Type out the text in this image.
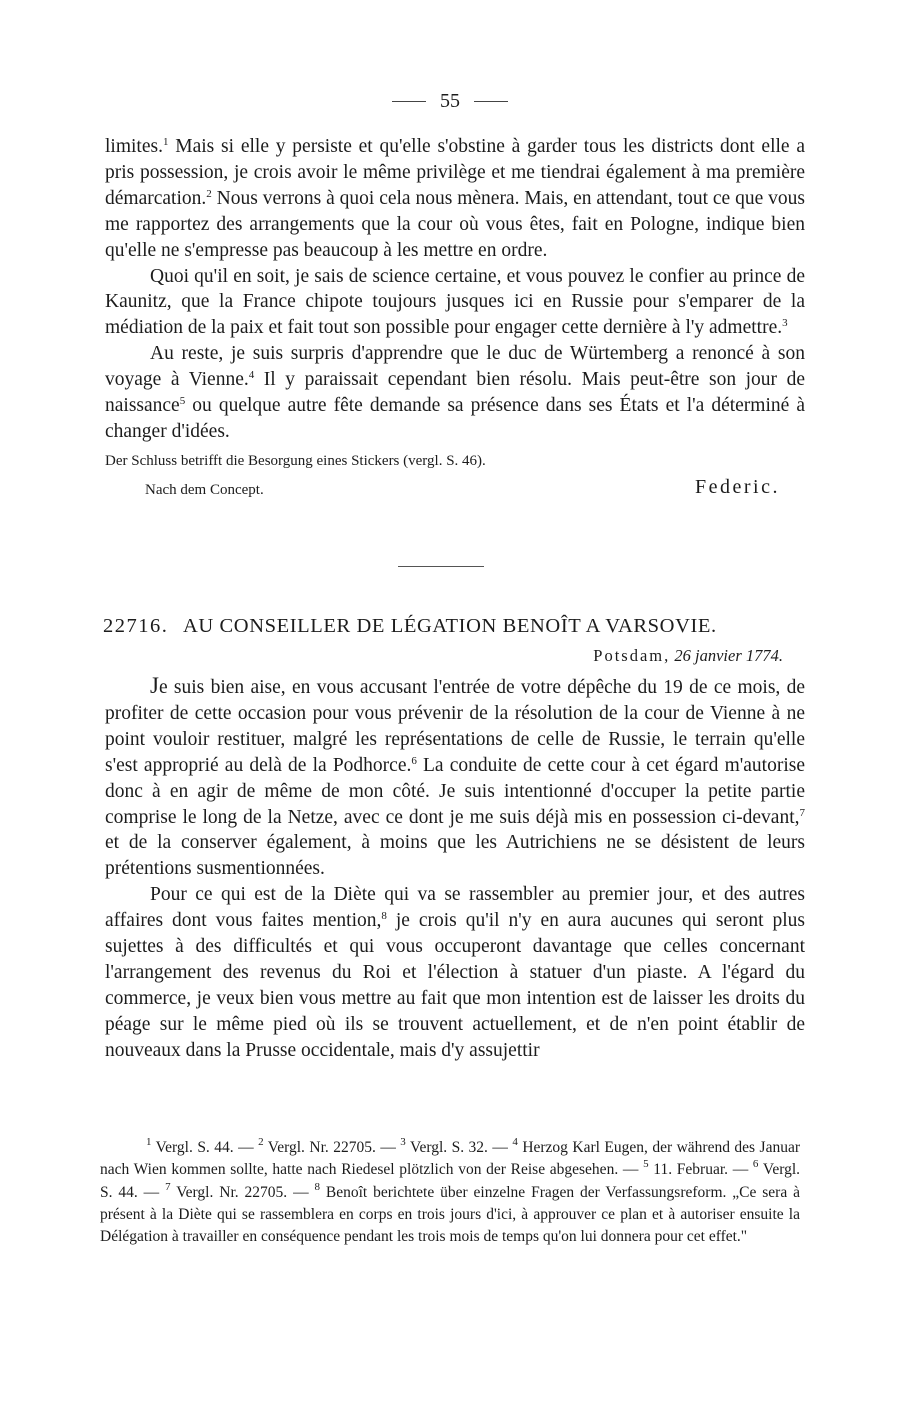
55

limites.$^1$ Mais si elle y persiste et qu'elle s'obstine à garder tous les districts dont elle a pris possession, je crois avoir le même privilège et me tiendrai également à ma première démarcation.$^2$ Nous verrons à quoi cela nous mènera. Mais, en attendant, tout ce que vous me rapportez des arrangements que la cour où vous êtes, fait en Pologne, indique bien qu'elle ne s'empresse pas beaucoup à les mettre en ordre.

Quoi qu'il en soit, je sais de science certaine, et vous pouvez le confier au prince de Kaunitz, que la France chipote toujours jusques ici en Russie pour s'emparer de la médiation de la paix et fait tout son possible pour engager cette dernière à l'y admettre.$^3$

Au reste, je suis surpris d'apprendre que le duc de Würtemberg a renoncé à son voyage à Vienne.$^4$ Il y paraissait cependant bien résolu. Mais peut-être son jour de naissance$^5$ ou quelque autre fête demande sa présence dans ses États et l'a déterminé à changer d'idées.

Der Schluss betrifft die Besorgung eines Stickers (vergl. S. 46).

Nach dem Concept.	Federic.
22716. AU CONSEILLER DE LÉGATION BENOÎT A VARSOVIE.
Potsdam, 26 janvier 1774.

Je suis bien aise, en vous accusant l'entrée de votre dépêche du 19 de ce mois, de profiter de cette occasion pour vous prévenir de la résolution de la cour de Vienne à ne point vouloir restituer, malgré les représentations de celle de Russie, le terrain qu'elle s'est approprié au delà de la Podhorce.$^6$ La conduite de cette cour à cet égard m'autorise donc à en agir de même de mon côté. Je suis intentionné d'occuper la petite partie comprise le long de la Netze, avec ce dont je me suis déjà mis en possession ci-devant,$^7$ et de la conserver également, à moins que les Autrichiens ne se désistent de leurs prétentions susmentionnées.

Pour ce qui est de la Diète qui va se rassembler au premier jour, et des autres affaires dont vous faites mention,$^8$ je crois qu'il n'y en aura aucunes qui seront plus sujettes à des difficultés et qui vous occuperont davantage que celles concernant l'arrangement des revenus du Roi et l'élection à statuer d'un piaste. A l'égard du commerce, je veux bien vous mettre au fait que mon intention est de laisser les droits du péage sur le même pied où ils se trouvent actuellement, et de n'en point établir de nouveaux dans la Prusse occidentale, mais d'y assujettir

$^1$ Vergl. S. 44. — $^2$ Vergl. Nr. 22705. — $^3$ Vergl. S. 32. — $^4$ Herzog Karl Eugen, der während des Januar nach Wien kommen sollte, hatte nach Riedesel plötzlich von der Reise abgesehen. — $^5$ 11. Februar. — $^6$ Vergl. S. 44. — $^7$ Vergl. Nr. 22705. — $^8$ Benoît berichtete über einzelne Fragen der Verfassungsreform. „Ce sera à présent à la Diète qui se rassemblera en corps en trois jours d'ici, à approuver ce plan et à autoriser ensuite la Délégation à travailler en conséquence pendant les trois mois de temps qu'on lui donnera pour cet effet."
